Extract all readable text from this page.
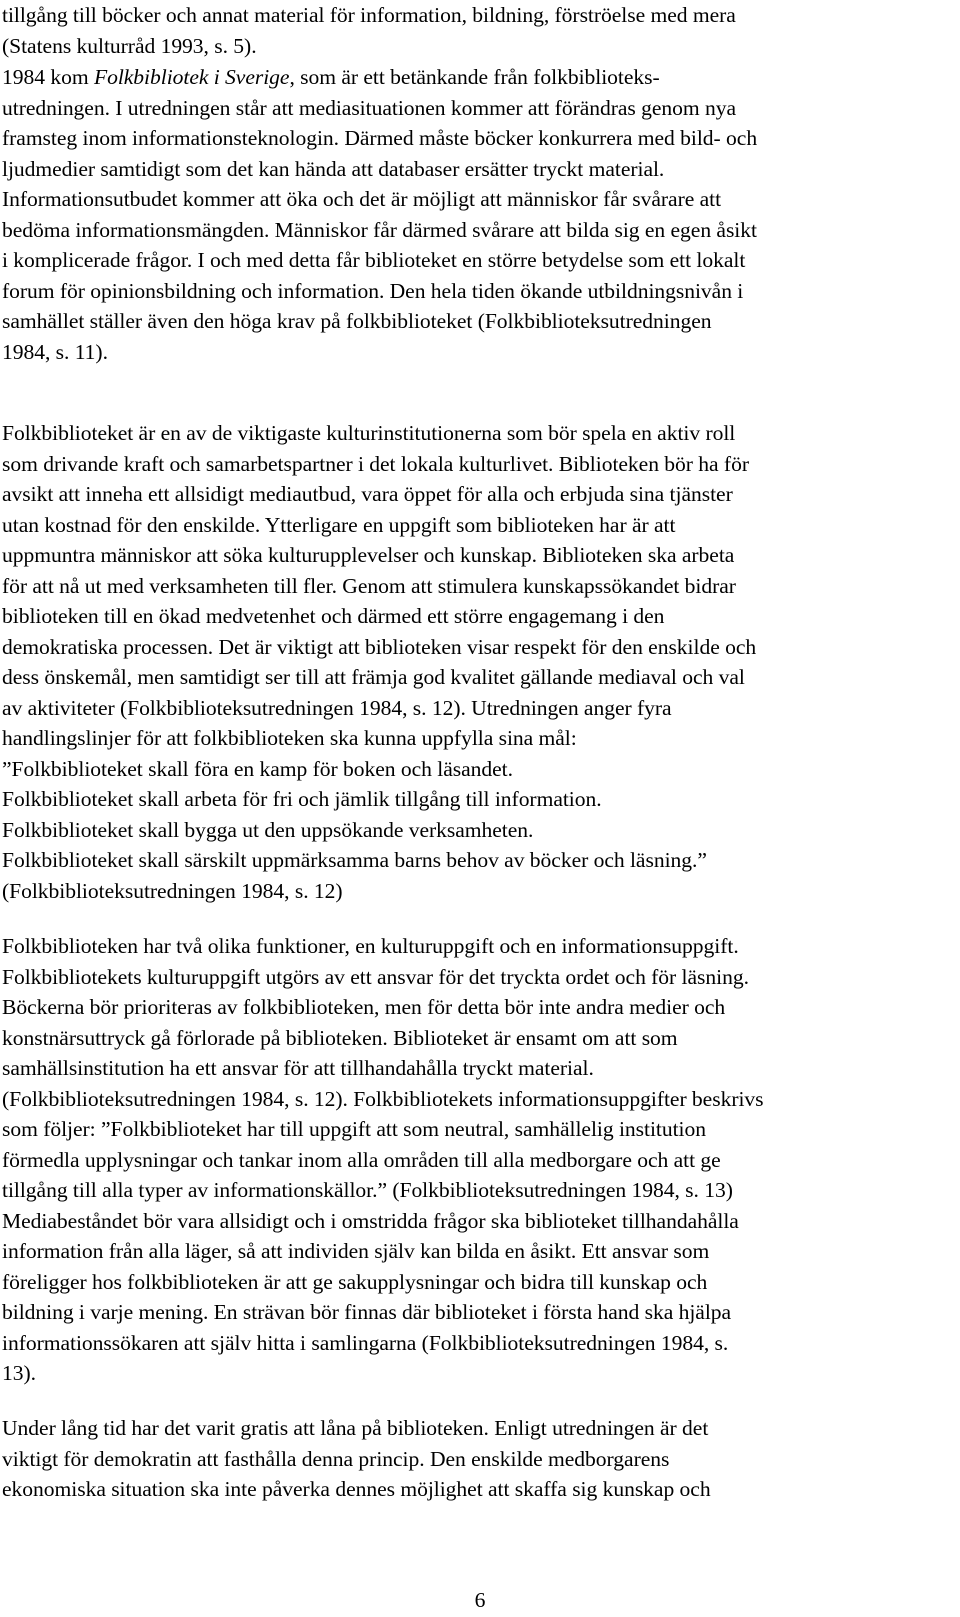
tillgång till böcker och annat material för information, bildning, förströelse med mera
(Statens kulturråd 1993, s. 5).

1984 kom Folkbibliotek i Sverige, som är ett betänkande från folkbiblioteks-
utredningen. I utredningen står att mediasituationen kommer att förändras genom nya
framsteg inom informationsteknologin. Därmed måste böcker konkurrera med bild- och
ljudmedier samtidigt som det kan hända att databaser ersätter tryckt material.
Informationsutbudet kommer att öka och det är möjligt att människor får svårare att
bedöma informationsmängden. Människor får därmed svårare att bilda sig en egen åsikt
i komplicerade frågor. I och med detta får biblioteket en större betydelse som ett lokalt
forum för opinionsbildning och information. Den hela tiden ökande utbildningsnivån i
samhället ställer även den höga krav på folkbiblioteket (Folkbiblioteksutredningen
1984, s. 11).

Folkbiblioteket är en av de viktigaste kulturinstitutionerna som bör spela en aktiv roll
som drivande kraft och samarbetspartner i det lokala kulturlivet. Biblioteken bör ha för
avsikt att inneha ett allsidigt mediautbud, vara öppet för alla och erbjuda sina tjänster
utan kostnad för den enskilde. Ytterligare en uppgift som biblioteken har är att
uppmuntra människor att söka kulturupplevelser och kunskap. Biblioteken ska arbeta
för att nå ut med verksamheten till fler. Genom att stimulera kunskapssökandet bidrar
biblioteken till en ökad medvetenhet och därmed ett större engagemang i den
demokratiska processen. Det är viktigt att biblioteken visar respekt för den enskilde och
dess önskemål, men samtidigt ser till att främja god kvalitet gällande mediaval och val
av aktiviteter (Folkbiblioteksutredningen 1984, s. 12). Utredningen anger fyra
handlingslinjer för att folkbiblioteken ska kunna uppfylla sina mål:
”Folkbiblioteket skall föra en kamp för boken och läsandet.
Folkbiblioteket skall arbeta för fri och jämlik tillgång till information.
Folkbiblioteket skall bygga ut den uppsökande verksamheten.
Folkbiblioteket skall särskilt uppmärksamma barns behov av böcker och läsning.”
(Folkbiblioteksutredningen 1984, s. 12)

Folkbiblioteken har två olika funktioner, en kulturuppgift och en informationsuppgift.
Folkbibliotekets kulturuppgift utgörs av ett ansvar för det tryckta ordet och för läsning.
Böckerna bör prioriteras av folkbiblioteken, men för detta bör inte andra medier och
konstnärsuttryck gå förlorade på biblioteken. Biblioteket är ensamt om att som
samhällsinstitution ha ett ansvar för att tillhandahålla tryckt material.
(Folkbiblioteksutredningen 1984, s. 12). Folkbibliotekets informationsuppgifter beskrivs
som följer: ”Folkbiblioteket har till uppgift att som neutral, samhällelig institution
förmedla upplysningar och tankar inom alla områden till alla medborgare och att ge
tillgång till alla typer av informationskällor.” (Folkbiblioteksutredningen 1984, s. 13)
Mediabeståndet bör vara allsidigt och i omstridda frågor ska biblioteket tillhandahålla
information från alla läger, så att individen själv kan bilda en åsikt. Ett ansvar som
föreligger hos folkbiblioteken är att ge sakupplysningar och bidra till kunskap och
bildning i varje mening. En strävan bör finnas där biblioteket i första hand ska hjälpa
informationssökaren att själv hitta i samlingarna (Folkbiblioteksutredningen 1984, s.
13).

Under lång tid har det varit gratis att låna på biblioteken. Enligt utredningen är det
viktigt för demokratin att fasthålla denna princip. Den enskilde medborgarens
ekonomiska situation ska inte påverka dennes möjlighet att skaffa sig kunskap och

6
